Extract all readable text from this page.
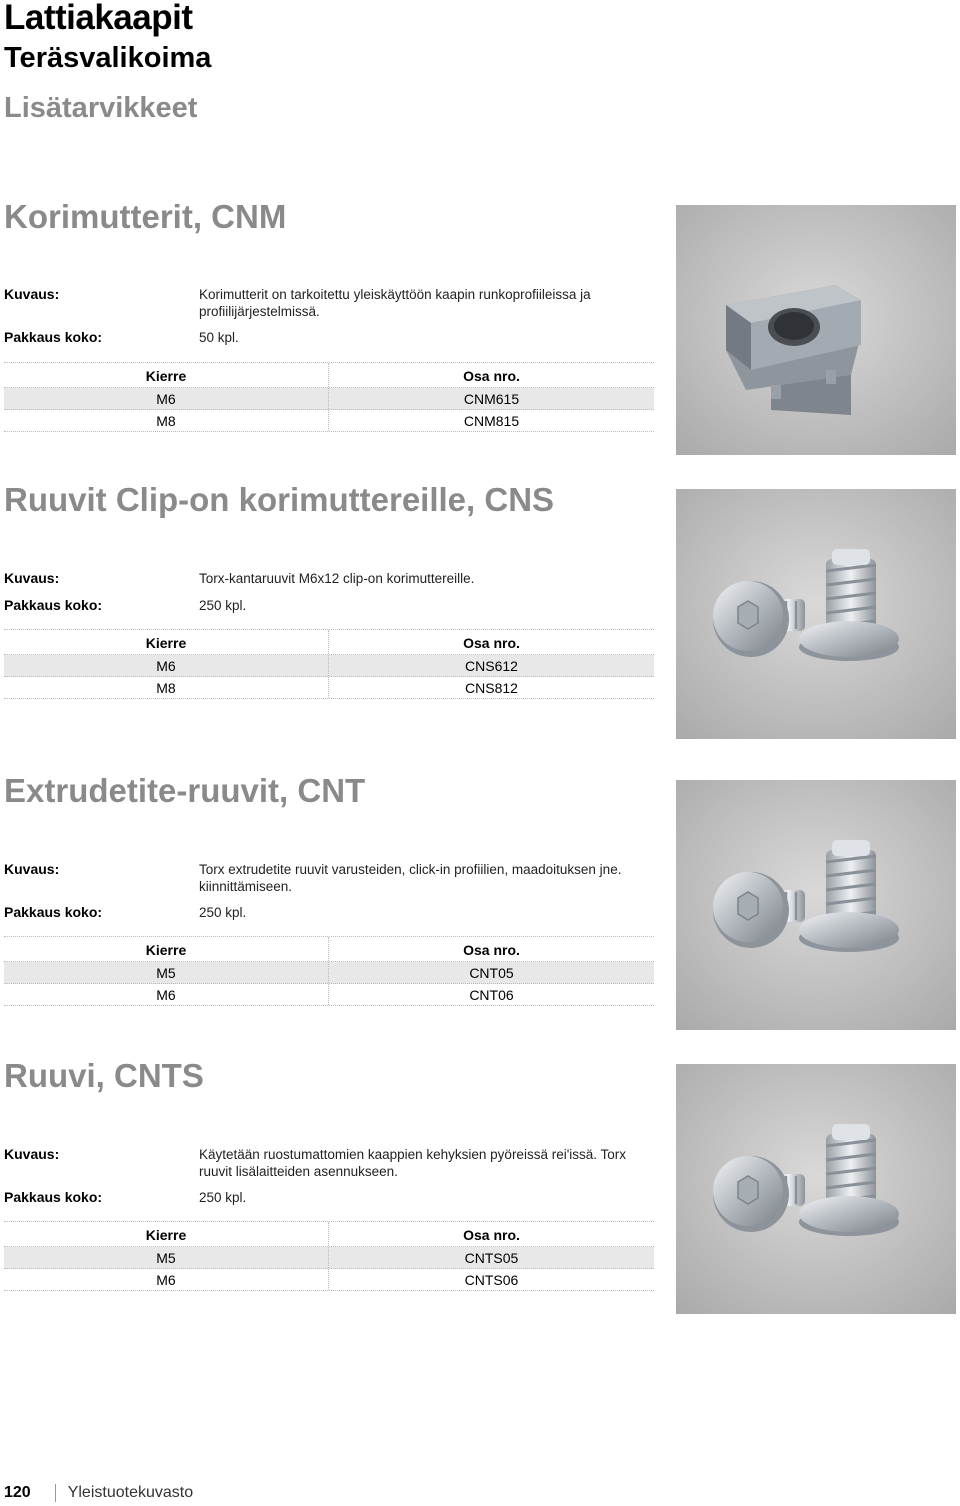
Lattiakaapit
Teräsvalikoima
Lisätarvikkeet
Korimutterit, CNM
Kuvaus:	Korimutterit on tarkoitettu yleiskäyttöön kaapin runkoprofiileissa ja profiilijärjestelmissä.
Pakkaus koko:	50 kpl.
Kierre	Osa nro.
M6	CNM615
M8	CNM815
Ruuvit Clip-on korimuttereille, CNS
Kuvaus:	Torx-kantaruuvit M6x12 clip-on korimuttereille.
Pakkaus koko:	250 kpl.
Kierre	Osa nro.
M6	CNS612
M8	CNS812
Extrudetite-ruuvit, CNT
Kuvaus:	Torx extrudetite ruuvit varusteiden, click-in profiilien, maadoituksen jne. kiinnittämiseen.
Pakkaus koko:	250 kpl.
Kierre	Osa nro.
M5	CNT05
M6	CNT06
Ruuvi, CNTS
Kuvaus:	Käytetään ruostumattomien kaappien kehyksien pyöreissä rei'issä. Torx ruuvit lisälaitteiden asennukseen.
Pakkaus koko:	250 kpl.
Kierre	Osa nro.
M5	CNTS05
M6	CNTS06
120 Yleistuotekuvasto
